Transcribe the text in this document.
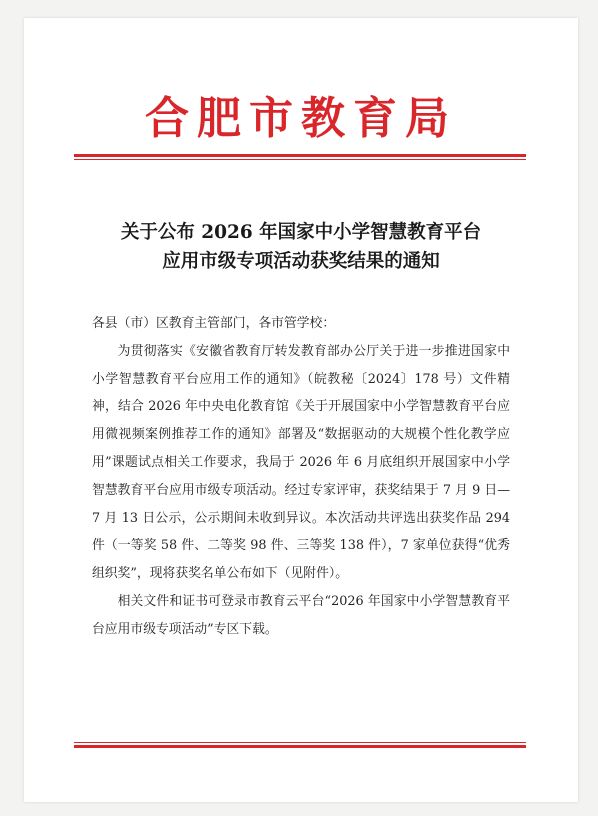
合肥市教育局
关于公布 2026 年国家中小学智慧教育平台
应用市级专项活动获奖结果的通知

各县（市）区教育主管部门，各市管学校：

为贯彻落实《安徽省教育厅转发教育部办公厅关于进一步推进国家中小学智慧教育平台应用工作的通知》（皖教秘〔2024〕178 号）文件精神，结合 2026 年中央电化教育馆《关于开展国家中小学智慧教育平台应用微视频案例推荐工作的通知》部署及“数据驱动的大规模个性化教学应用”课题试点相关工作要求，我局于 2026 年 6 月底组织开展国家中小学智慧教育平台应用市级专项活动。经过专家评审，获奖结果于 7 月 9 日—7 月 13 日公示，公示期间未收到异议。本次活动共评选出获奖作品 294 件（一等奖 58 件、二等奖 98 件、三等奖 138 件），7 家单位获得“优秀组织奖”，现将获奖名单公布如下（见附件）。

相关文件和证书可登录市教育云平台“2026 年国家中小学智慧教育平台应用市级专项活动”专区下载。
